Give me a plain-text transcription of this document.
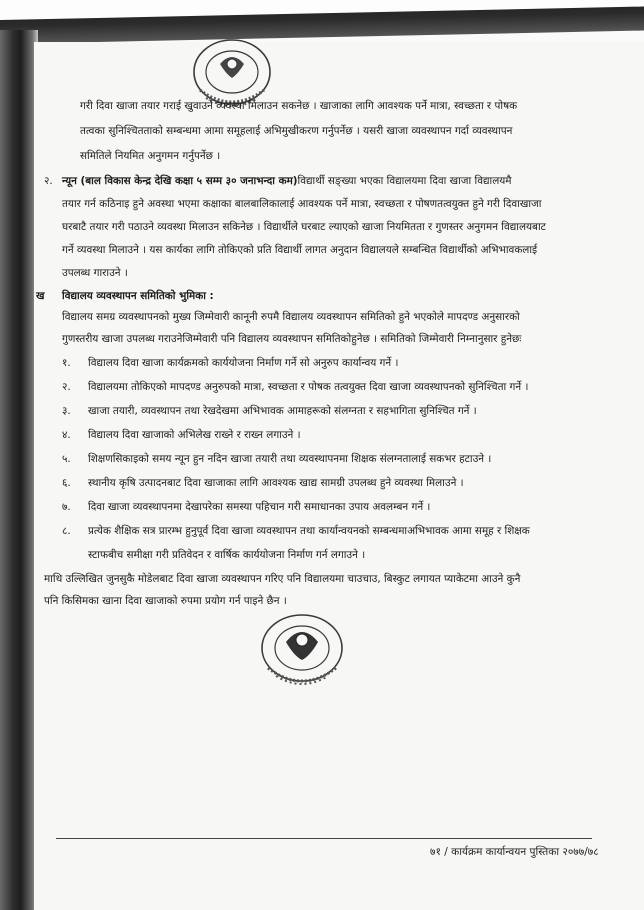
गरी दिवा खाजा तयार गराई खुवाउने व्यवस्था मिलाउन सकनेछ । खाजाका लागि आवश्यक पर्ने मात्रा, स्वच्छता र पोषक
तत्वका सुनिश्चितताको सम्बन्धमा आमा समूहलाई अभिमुखीकरण गर्नुपर्नेछ । यसरी खाजा व्यवस्थापन गर्दा व्यवस्थापन
समितिले नियमित अनुगमन गर्नुपर्नेछ ।
२. न्यून (बाल विकास केन्द्र देखि कक्षा ५ सम्म ३० जनाभन्दा कम)विद्यार्थी सङ्ख्या भएका विद्यालयमा दिवा खाजा विद्यालयमै
तयार गर्न कठिनाइ हुने अवस्था भएमा कक्षाका बालबालिकालाई आवश्यक पर्ने मात्रा, स्वच्छता र पोषणतत्वयुक्त हुने गरी दिवाखाजा
घरबाटै तयार गरी पठाउने व्यवस्था मिलाउन सकिनेछ । विद्यार्थीले घरबाट ल्याएको खाजा नियमितता र गुणस्तर अनुगमन विद्यालयबाट
गर्ने व्यवस्था मिलाउने । यस कार्यका लागि तोकिएको प्रति विद्यार्थी लागत अनुदान विद्यालयले सम्बन्धित विद्यार्थीको अभिभावकलाई
उपलब्ध गाराउने ।
ख विद्यालय व्यवस्थापन समितिको भुमिका :
विद्यालय समग्र व्यवस्थापनको मुख्य जिम्मेवारी कानूनी रुपमै विद्यालय व्यवस्थापन समितिको हुने भएकोले मापदण्ड अनुसारको
गुणस्तरीय खाजा उपलब्ध गराउनेजिम्मेवारी पनि विद्यालय व्यवस्थापन समितिकोहुनेछ । समितिको जिम्मेवारी निम्नानुसार हुनेछः
१. विद्यालय दिवा खाजा कार्यक्रमको कार्ययोजना निर्माण गर्ने सो अनुरुप कार्यान्वय गर्ने ।
२. विद्यालयमा तोकिएको मापदण्ड अनुरुपको मात्रा, स्वच्छता र पोषक तत्वयुक्त दिवा खाजा व्यवस्थापनको सुनिश्चिता गर्ने ।
३. खाजा तयारी, व्यवस्थापन तथा रेखदेखमा अभिभावक आमाहरूको संलग्नता र सहभागिता सुनिश्चित गर्ने ।
४. विद्यालय दिवा खाजाको अभिलेख राख्ने र राख्न लगाउने ।
५. शिक्षणसिकाइको समय न्यून हुन नदिन खाजा तयारी तथा व्यवस्थापनमा शिक्षक संलग्नतालाई सकभर हटाउने ।
६. स्थानीय कृषि उत्पादनबाट दिवा खाजाका लागि आवश्यक खाद्य सामग्री उपलब्ध हुने व्यवस्था मिलाउने ।
७. दिवा खाजा व्यवस्थापनमा देखापरेका समस्या पहिचान गरी समाधानका उपाय अवलम्बन गर्ने ।
८. प्रत्येक शैक्षिक सत्र प्रारम्भ हुनुपूर्व दिवा खाजा व्यवस्थापन तथा कार्यान्वयनको सम्बन्धमाअभिभावक आमा समूह र शिक्षक
स्टाफबीच समीक्षा गरी प्रतिवेदन र वार्षिक कार्ययोजना निर्माण गर्न लगाउने ।
माथि उल्लिखित जुनसुकै मोडेलबाट दिवा खाजा व्यवस्थापन गरिए पनि विद्यालयमा चाउचाउ, बिस्कुट लगायत प्याकेटमा आउने कुनै
पनि किसिमका खाना दिवा खाजाको रुपमा प्रयोग गर्न पाइने छैन ।
७१ / कार्यक्रम कार्यान्वयन पुस्तिका २०७७/७८
